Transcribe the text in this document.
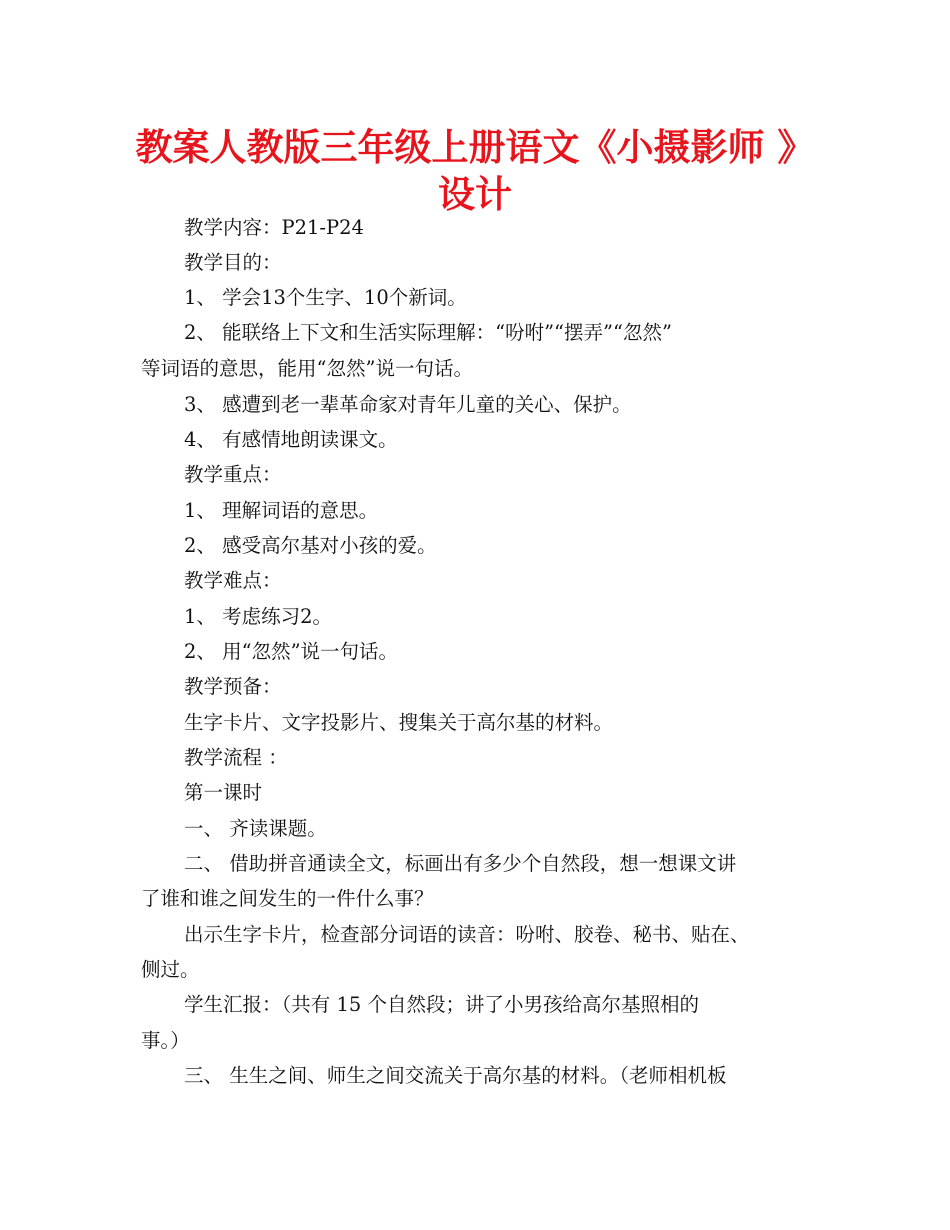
教案人教版三年级上册语文《小摄影师 》
设计

教学内容：P21-P24

教学目的：

1、 学会13个生字、10个新词。

2、 能联络上下文和生活实际理解：“吩咐”“摆弄”“忽然”

等词语的意思，能用“忽然”说一句话。

3、 感遭到老一辈革命家对青年儿童的关心、保护。

4、 有感情地朗读课文。

教学重点：

1、 理解词语的意思。

2、 感受高尔基对小孩的爱。

教学难点：

1、 考虑练习2。

2、 用“忽然”说一句话。

教学预备：

生字卡片、文字投影片、搜集关于高尔基的材料。

教学流程 ：

第一课时

一、 齐读课题。

二、 借助拼音通读全文，标画出有多少个自然段，想一想课文讲

了谁和谁之间发生的一件什么事？

出示生字卡片，检查部分词语的读音：吩咐、胶卷、秘书、贴在、

侧过。

学生汇报：（共有 15 个自然段；讲了小男孩给高尔基照相的

事。）

三、 生生之间、师生之间交流关于高尔基的材料。（老师相机板
